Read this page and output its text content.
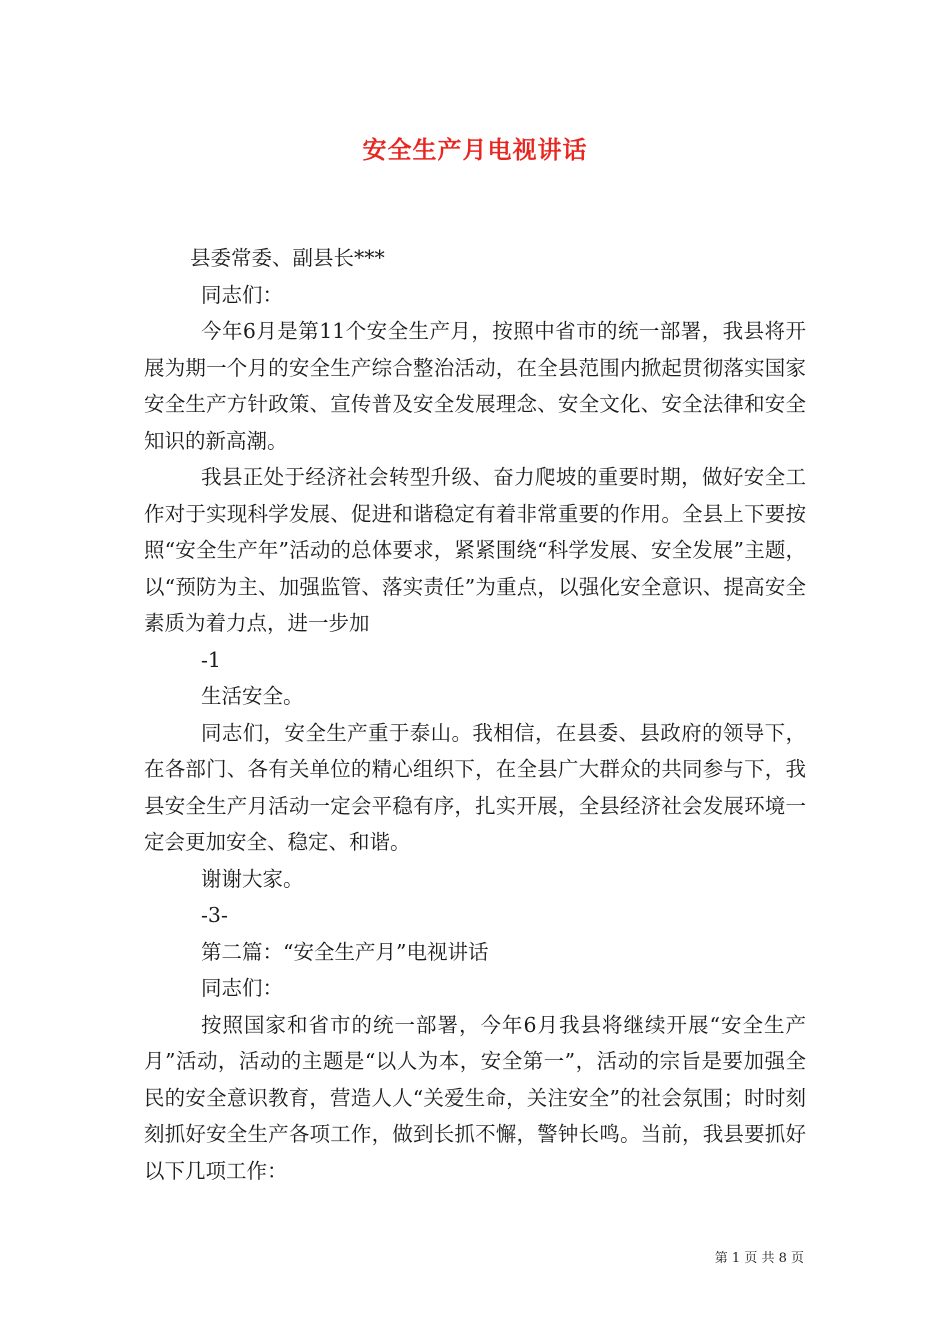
安全生产月电视讲话

县委常委、副县长***

同志们：

今年6月是第11个安全生产月，按照中省市的统一部署，我县将开展为期一个月的安全生产综合整治活动，在全县范围内掀起贯彻落实国家安全生产方针政策、宣传普及安全发展理念、安全文化、安全法律和安全知识的新高潮。

我县正处于经济社会转型升级、奋力爬坡的重要时期，做好安全工作对于实现科学发展、促进和谐稳定有着非常重要的作用。全县上下要按照“安全生产年”活动的总体要求，紧紧围绕“科学发展、安全发展”主题，以“预防为主、加强监管、落实责任”为重点，以强化安全意识、提高安全素质为着力点，进一步加

-1

生活安全。

同志们，安全生产重于泰山。我相信，在县委、县政府的领导下，在各部门、各有关单位的精心组织下，在全县广大群众的共同参与下，我县安全生产月活动一定会平稳有序，扎实开展，全县经济社会发展环境一定会更加安全、稳定、和谐。

谢谢大家。

-3-

第二篇：“安全生产月”电视讲话

同志们：

按照国家和省市的统一部署，今年6月我县将继续开展“安全生产月”活动，活动的主题是“以人为本，安全第一”，活动的宗旨是要加强全民的安全意识教育，营造人人“关爱生命，关注安全”的社会氛围；时时刻刻抓好安全生产各项工作，做到长抓不懈，警钟长鸣。当前，我县要抓好以下几项工作：

第 1 页 共 8 页
